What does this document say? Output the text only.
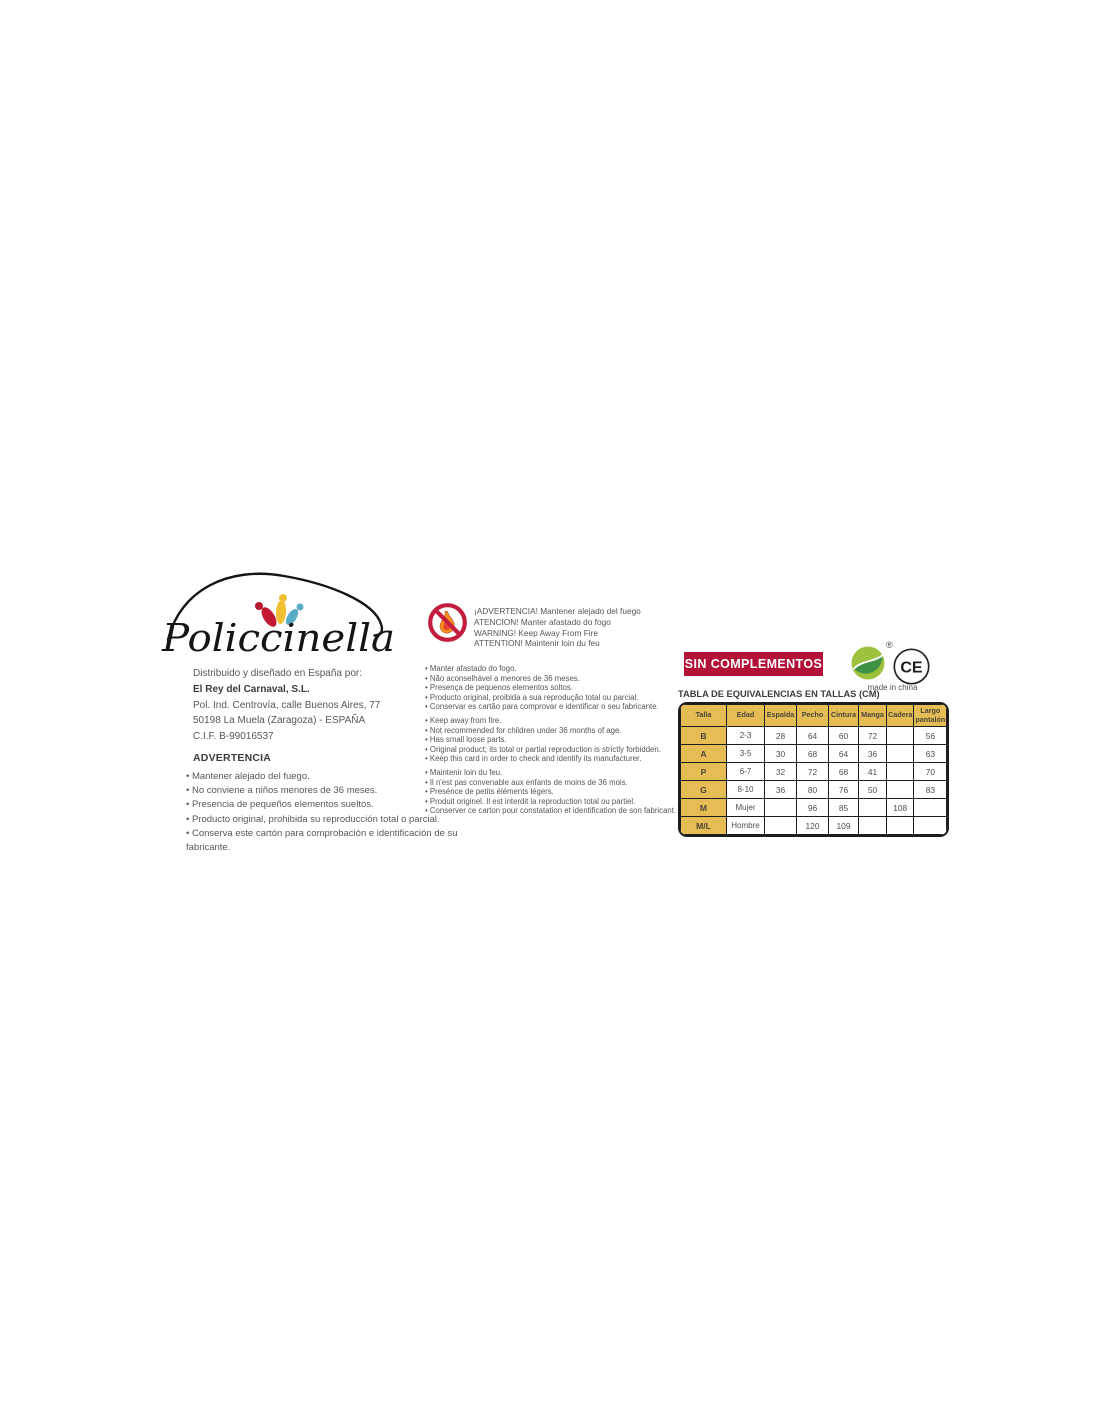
Policcinella
Distribuido y diseñado en España por:
El Rey del Carnaval, S.L.
Pol. Ind. Centrovía, calle Buenos Aires, 77
50198 La Muela (Zaragoza) - ESPAÑA
C.I.F. B-99016537
ADVERTENCIA
• Mantener alejado del fuego.
• No conviene a niños menores de 36 meses.
• Presencia de pequeños elementos sueltos.
• Producto original, prohibida su reproducción total o parcial.
• Conserva este cartón para comprobación e identificación de su fabricante.
¡ADVERTENCIA! Mantener alejado del fuego
ATENCION! Manter afastado do fogo
WARNING! Keep Away From Fire
ATTENTION! Maintenir loin du feu
• Manter afastado do fogo.
• Não aconselhável a menores de 36 meses.
• Presença de pequenos elementos soltos.
• Producto original, proibida a sua reprodução total ou parcial.
• Conservar es cartão para comprovar e identificar o seu fabricante.
• Keep away from fire.
• Not recommended for children under 36 months of age.
• Has small loose parts.
• Original product; its total or partial reproduction is strictly forbidden.
• Keep this card in order to check and identify its manufacturer.
• Maintenir loin du feu.
• Il n'est pas convenable aux enfants de moins de 36 mois.
• Presénce de petits éléments légers.
• Produit originel. Il est interdit la reproduction total ou partiel.
• Conserver ce carton pour constatation et identification de son fabricant.
SIN COMPLEMENTOS
®
CE
made in china
TABLA DE EQUIVALENCIAS EN TALLAS (CM)
Talla	Edad	Espalda	Pecho	Cintura	Manga	Cadera	Largo pantalón
B	2-3	28	64	60	72		56
A	3-5	30	68	64	36		63
P	6-7	32	72	68	41		70
G	8-10	36	80	76	50		83
M	Mujer		96	85		108	
M/L	Hombre		120	109			
